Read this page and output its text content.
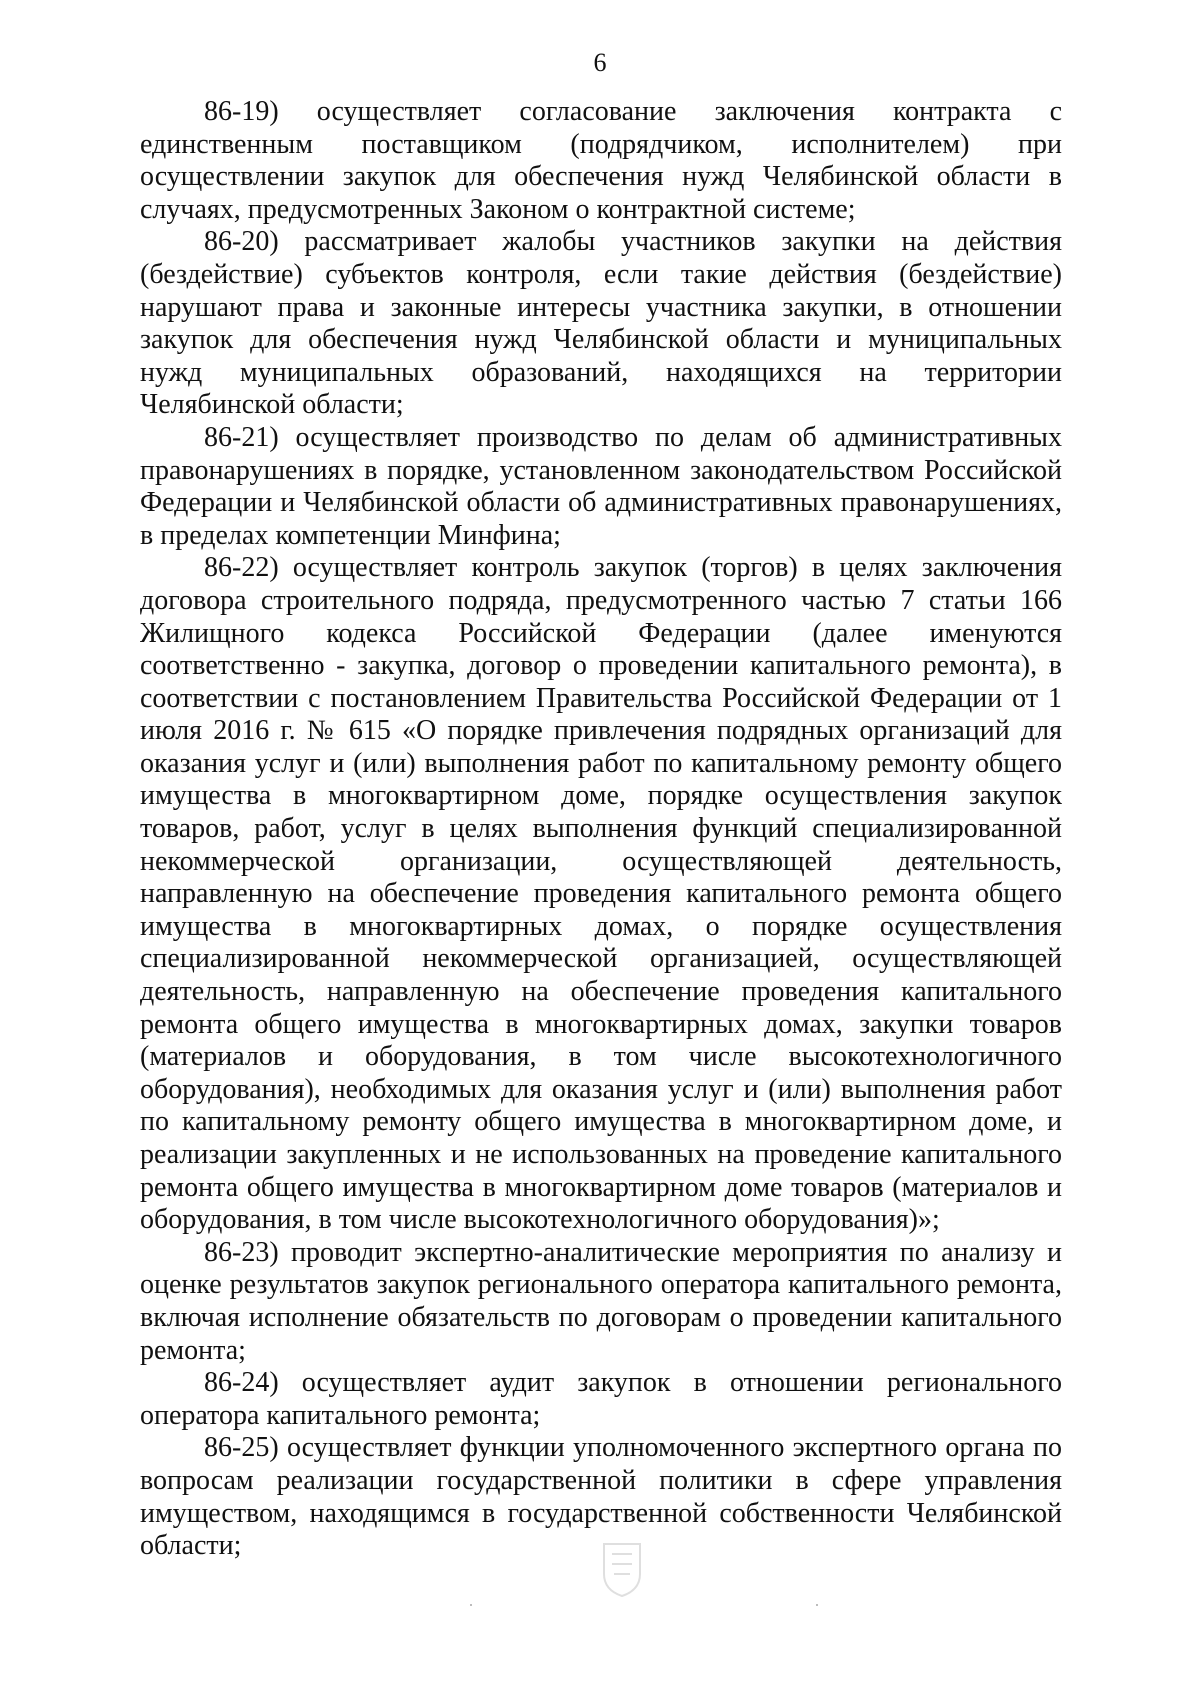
6

86-19) осуществляет согласование заключения контракта с единственным поставщиком (подрядчиком, исполнителем) при осуществлении закупок для обеспечения нужд Челябинской области в случаях, предусмотренных Законом о контрактной системе;

86-20) рассматривает жалобы участников закупки на действия (бездействие) субъектов контроля, если такие действия (бездействие) нарушают права и законные интересы участника закупки, в отношении закупок для обеспечения нужд Челябинской области и муниципальных нужд муниципальных образований, находящихся на территории Челябинской области;

86-21) осуществляет производство по делам об административных правонарушениях в порядке, установленном законодательством Российской Федерации и Челябинской области об административных правонарушениях, в пределах компетенции Минфина;

86-22) осуществляет контроль закупок (торгов) в целях заключения договора строительного подряда, предусмотренного частью 7 статьи 166 Жилищного кодекса Российской Федерации (далее именуются соответственно - закупка, договор о проведении капитального ремонта), в соответствии с постановлением Правительства Российской Федерации от 1 июля 2016 г. № 615 «О порядке привлечения подрядных организаций для оказания услуг и (или) выполнения работ по капитальному ремонту общего имущества в многоквартирном доме, порядке осуществления закупок товаров, работ, услуг в целях выполнения функций специализированной некоммерческой организации, осуществляющей деятельность, направленную на обеспечение проведения капитального ремонта общего имущества в многоквартирных домах, о порядке осуществления специализированной некоммерческой организацией, осуществляющей деятельность, направленную на обеспечение проведения капитального ремонта общего имущества в многоквартирных домах, закупки товаров (материалов и оборудования, в том числе высокотехнологичного оборудования), необходимых для оказания услуг и (или) выполнения работ по капитальному ремонту общего имущества в многоквартирном доме, и реализации закупленных и не использованных на проведение капитального ремонта общего имущества в многоквартирном доме товаров (материалов и оборудования, в том числе высокотехнологичного оборудования)»;

86-23) проводит экспертно-аналитические мероприятия по анализу и оценке результатов закупок регионального оператора капитального ремонта, включая исполнение обязательств по договорам о проведении капитального ремонта;

86-24) осуществляет аудит закупок в отношении регионального оператора капитального ремонта;

86-25) осуществляет функции уполномоченного экспертного органа по вопросам реализации государственной политики в сфере управления имуществом, находящимся в государственной собственности Челябинской области;
